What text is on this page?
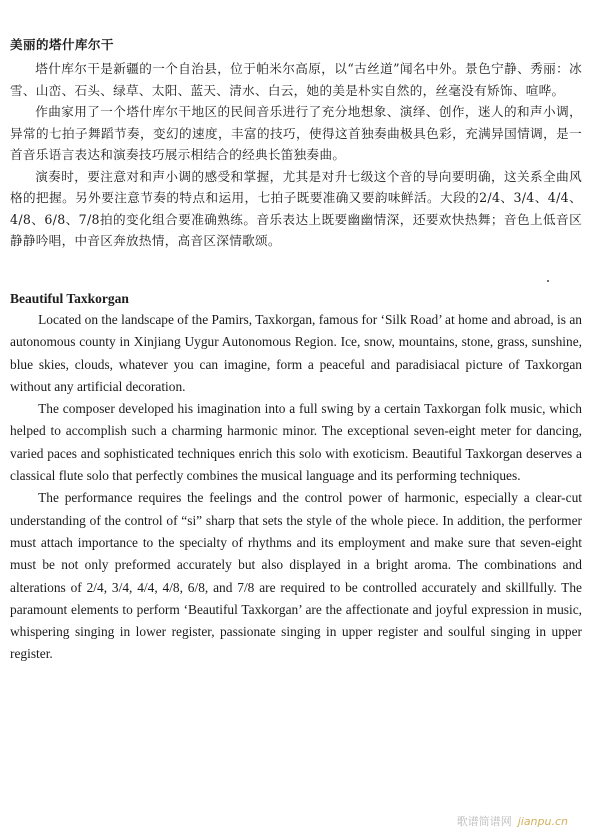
美丽的塔什库尔干

塔什库尔干是新疆的一个自治县，位于帕米尔高原，以“古丝道”闻名中外。景色宁静、秀丽：冰雪、山峦、石头、绿草、太阳、蓝天、清水、白云，她的美是朴实自然的，丝毫没有矫饰、喧哗。

作曲家用了一个塔什库尔干地区的民间音乐进行了充分地想象、演绎、创作，迷人的和声小调，异常的七拍子舞蹈节奏，变幻的速度，丰富的技巧，使得这首独奏曲极具色彩，充满异国情调，是一首音乐语言表达和演奏技巧展示相结合的经典长笛独奏曲。

演奏时，要注意对和声小调的感受和掌握，尤其是对升七级这个音的导向要明确，这关系全曲风格的把握。另外要注意节奏的特点和运用，七拍子既要准确又要韵味鲜活。大段的2/4、3/4、4/4、4/8、6/8、7/8拍的变化组合要准确熟练。音乐表达上既要幽幽情深，还要欢快热舞；音色上低音区静静吟唱，中音区奔放热情，高音区深情歌颂。

Beautiful Taxkorgan

Located on the landscape of the Pamirs, Taxkorgan, famous for ‘Silk Road’ at home and abroad, is an autonomous county in Xinjiang Uygur Autonomous Region. Ice, snow, mountains, stone, grass, sunshine, blue skies, clouds, whatever you can imagine, form a peaceful and paradisiacal picture of Taxkorgan without any artificial decoration.

The composer developed his imagination into a full swing by a certain Taxkorgan folk music, which helped to accomplish such a charming harmonic minor. The exceptional seven-eight meter for dancing, varied paces and sophisticated techniques enrich this solo with exoticism. Beautiful Taxkorgan deserves a classical flute solo that perfectly combines the musical language and its performing techniques.

The performance requires the feelings and the control power of harmonic, especially a clear-cut understanding of the control of “si” sharp that sets the style of the whole piece. In addition, the performer must attach importance to the specialty of rhythms and its employment and make sure that seven-eight must be not only preformed accurately but also displayed in a bright aroma. The combinations and alterations of 2/4, 3/4, 4/4, 4/8, 6/8, and 7/8 are required to be controlled accurately and skillfully. The paramount elements to perform ‘Beautiful Taxkorgan’ are the affectionate and joyful expression in music, whispering singing in lower register, passionate singing in upper register and soulful singing in upper register.

歌谱简谱网 jianpu.cn
